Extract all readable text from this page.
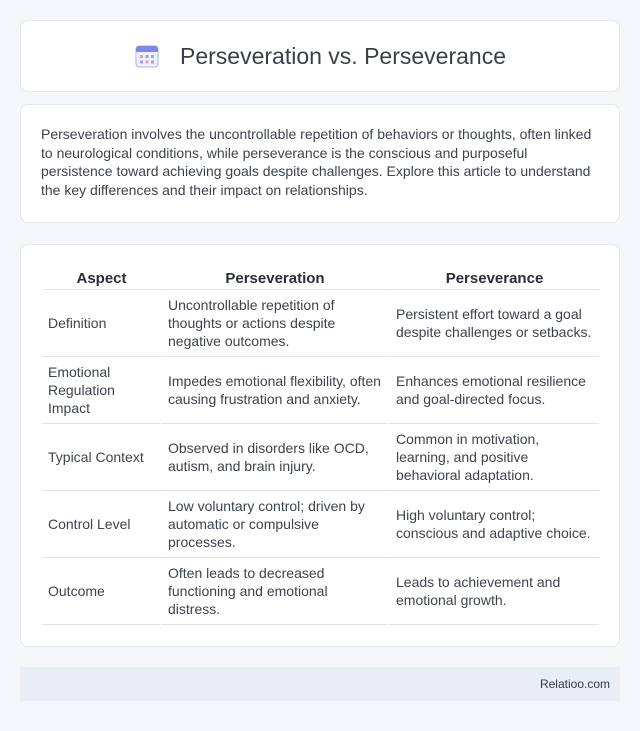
Perseveration vs. Perseverance

Perseveration involves the uncontrollable repetition of behaviors or thoughts, often linked to neurological conditions, while perseverance is the conscious and purposeful persistence toward achieving goals despite challenges. Explore this article to understand the key differences and their impact on relationships.

Aspect	Perseveration	Perseverance
Definition	Uncontrollable repetition of thoughts or actions despite negative outcomes.	Persistent effort toward a goal despite challenges or setbacks.
Emotional Regulation Impact	Impedes emotional flexibility, often causing frustration and anxiety.	Enhances emotional resilience and goal-directed focus.
Typical Context	Observed in disorders like OCD, autism, and brain injury.	Common in motivation, learning, and positive behavioral adaptation.
Control Level	Low voluntary control; driven by automatic or compulsive processes.	High voluntary control; conscious and adaptive choice.
Outcome	Often leads to decreased functioning and emotional distress.	Leads to achievement and emotional growth.
Relatioo.com
